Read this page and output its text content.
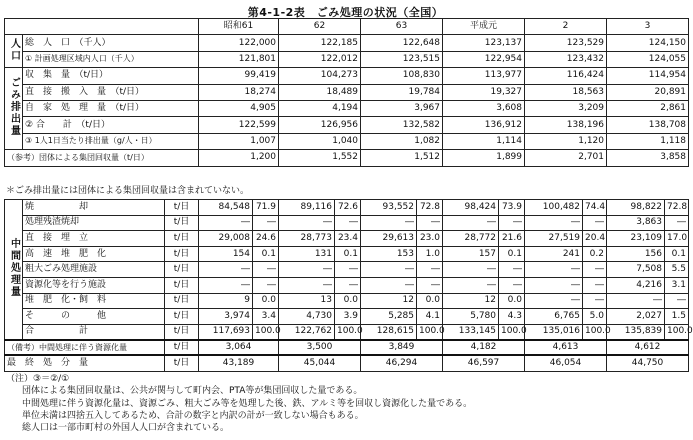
第4-1-2表　ごみ処理の状況（全国）
		昭和61	62	63	平成元	2	3
人口	総　人　口　（千人）	122,000	122,185	122,648	123,137	123,529	124,150
	① 計画処理区域内人口（千人）	121,801	122,012	123,515	122,954	123,432	124,055
ごみ排出量	収　集　量　（t/日）	99,419	104,273	108,830	113,977	116,424	114,954
	直　接　搬　入　量　（t/日）	18,274	18,489	19,784	19,327	18,563	20,891
	自　家　処　理　量　（t/日）	4,905	4,194	3,967	3,608	3,209	2,861
	② 合　　計　（t/日）	122,599	126,956	132,582	136,912	138,196	138,708
	③ 1人1日当たり排出量（g/人・日）	1,007	1,040	1,082	1,114	1,120	1,118
（参考）団体による集団回収量（t/日）		1,200	1,552	1,512	1,899	2,701	3,858
＊ごみ排出量には団体による集団回収量は含まれていない。
中間処理量	焼　　　　　却	t/日	84,548	71.9	89,116	72.6	93,552	72.8	98,424	73.9	100,482	74.4	98,822	72.8
	処理残渣焼却	t/日	―	―	―	―	―	―	―	―	―	―	3,863	―
	直　接　埋　立	t/日	29,008	24.6	28,773	23.4	29,613	23.0	28,772	21.6	27,519	20.4	23,109	17.0
	高　速　堆　肥　化	t/日	154	0.1	131	0.1	153	1.0	157	0.1	241	0.2	156	0.1
	粗大ごみ処理施設	t/日	―	―	―	―	―	―	―	―	―	―	7,508	5.5
	資源化等を行う施設	t/日	―	―	―	―	―	―	―	―	―	―	4,216	3.1
	堆　肥　化・飼　料	t/日	9	0.0	13	0.0	12	0.0	12	0.0	―	―	―	―
	そ　　　の　　　他	t/日	3,974	3.4	4,730	3.9	5,285	4.1	5,780	4.3	6,765	5.0	2,027	1.5
	合　　　　　計	t/日	117,693	100.0	122,762	100.0	128,615	100.0	133,145	100.0	135,016	100.0	135,839	100.0
（備考）中間処理に伴う資源化量		t/日	3,064		3,500		3,849		4,182		4,613		4,612	
最　終　処　分　量		t/日	43,189		45,044		46,294		46,597		46,054		44,750	
（注）③＝②/①
団体による集団回収量は、公共が関与して町内会、PTA等が集団回収した量である。
中間処理に伴う資源化量は、資源ごみ、粗大ごみ等を処理した後、鉄、アルミ等を回収し資源化した量である。
単位未満は四捨五入してあるため、合計の数字と内訳の計が一致しない場合もある。
総人口は一部市町村の外国人人口が含まれている。
